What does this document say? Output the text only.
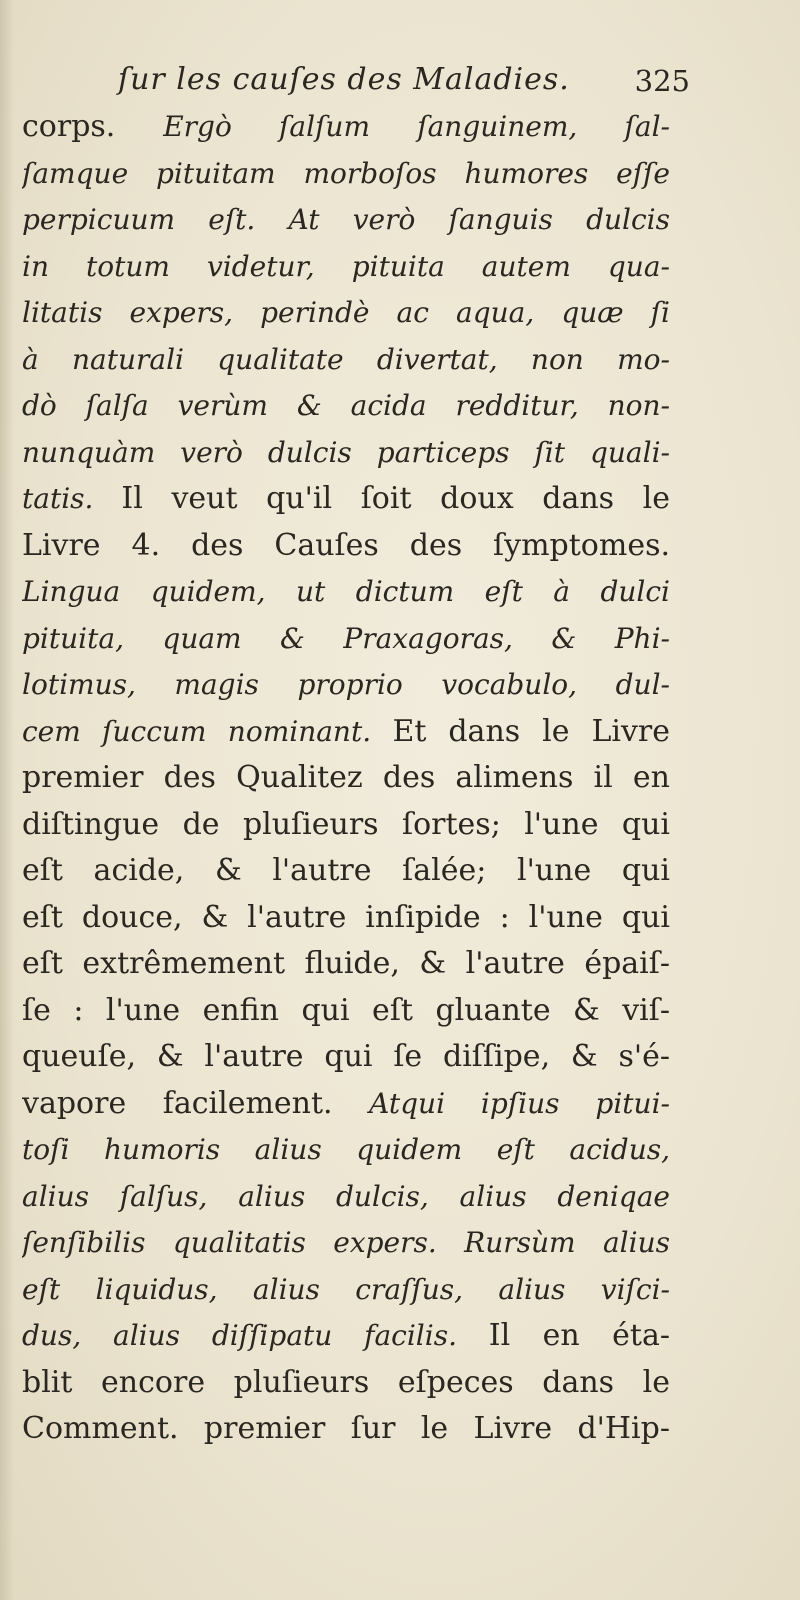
ſur les cauſes des Maladies. 325
corps. Ergò ſalſum ſanguinem, ſal-
ſamque pituitam morboſos humores eſſe
perpicuum eſt. At verò ſanguis dulcis
in totum videtur, pituita autem qua-
litatis expers, perindè ac aqua, quæ ſi
à naturali qualitate divertat, non mo-
dò ſalſa verùm & acida redditur, non-
nunquàm verò dulcis particeps ſit quali-
tatis. Il veut qu'il ſoit doux dans le
Livre 4. des Cauſes des ſymptomes.
Lingua quidem, ut dictum eſt à dulci
pituita, quam & Praxagoras, & Phi-
lotimus, magis proprio vocabulo, dul-
cem ſuccum nominant. Et dans le Livre
premier des Qualitez des alimens il en
diſtingue de pluſieurs ſortes; l'une qui
eſt acide, & l'autre ſalée; l'une qui
eſt douce, & l'autre inſipide : l'une qui
eſt extrêmement fluide, & l'autre épaiſ-
ſe : l'une enfin qui eſt gluante & viſ-
queuſe, & l'autre qui ſe diſſipe, & s'é-
vapore facilement. Atqui ipſius pitui-
toſi humoris alius quidem eſt acidus,
alius ſalſus, alius dulcis, alius deniqae
ſenſibilis qualitatis expers. Rursùm alius
eſt liquidus, alius craſſus, alius viſci-
dus, alius diſſipatu facilis. Il en éta-
blit encore pluſieurs eſpeces dans le
Comment. premier ſur le Livre d'Hip-
